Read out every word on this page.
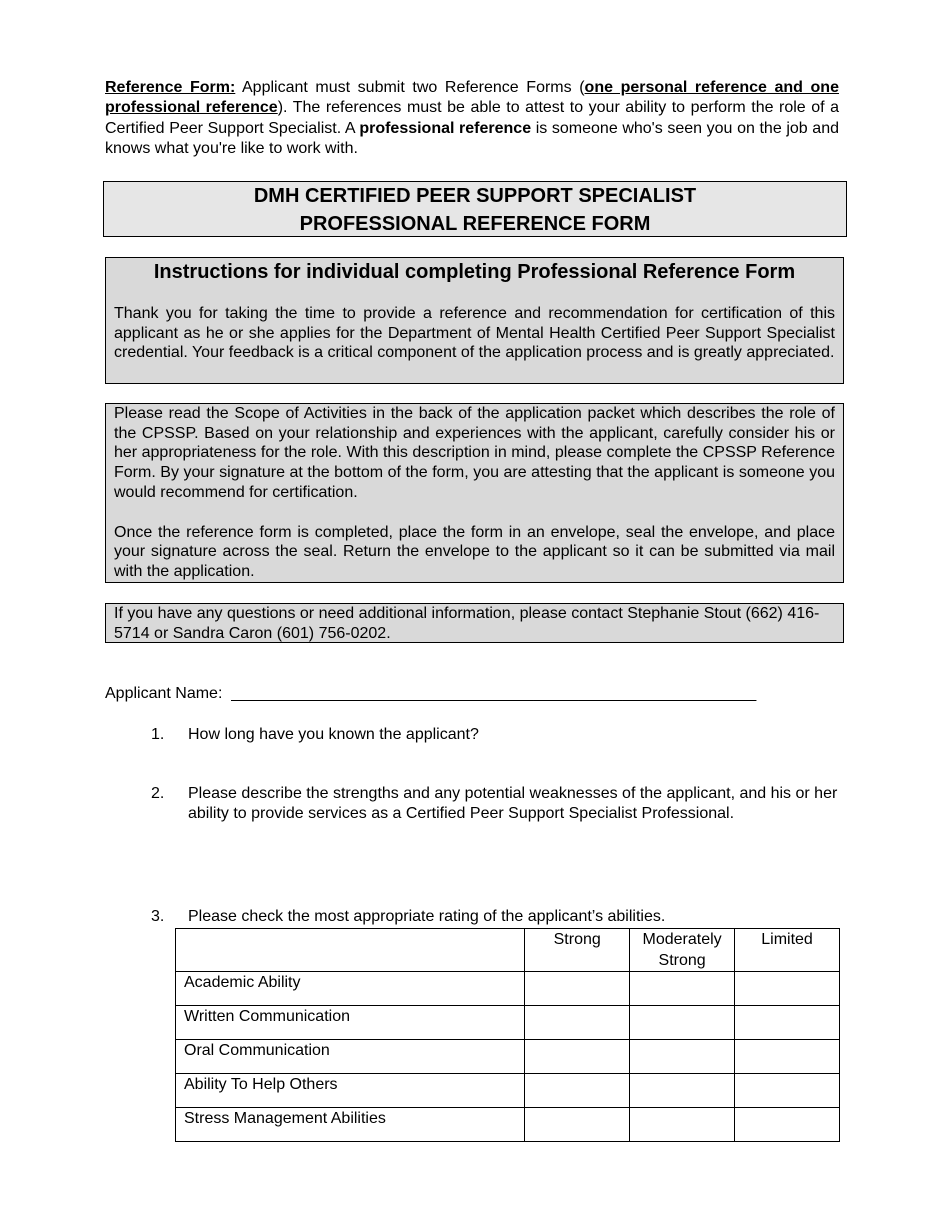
Reference Form: Applicant must submit two Reference Forms (one personal reference and one professional reference). The references must be able to attest to your ability to perform the role of a Certified Peer Support Specialist. A professional reference is someone who's seen you on the job and knows what you're like to work with.
DMH CERTIFIED PEER SUPPORT SPECIALIST
PROFESSIONAL REFERENCE FORM
Instructions for individual completing Professional Reference Form
Thank you for taking the time to provide a reference and recommendation for certification of this applicant as he or she applies for the Department of Mental Health Certified Peer Support Specialist credential. Your feedback is a critical component of the application process and is greatly appreciated.

Please read the Scope of Activities in the back of the application packet which describes the role of the CPSSP. Based on your relationship and experiences with the applicant, carefully consider his or her appropriateness for the role. With this description in mind, please complete the CPSSP Reference Form. By your signature at the bottom of the form, you are attesting that the applicant is someone you would recommend for certification.

Once the reference form is completed, place the form in an envelope, seal the envelope, and place your signature across the seal. Return the envelope to the applicant so it can be submitted via mail with the application.

If you have any questions or need additional information, please contact Stephanie Stout (662) 416-5714 or Sandra Caron (601) 756-0202.
Applicant Name: ___________________________________________________________
1. How long have you known the applicant?
2. Please describe the strengths and any potential weaknesses of the applicant, and his or her ability to provide services as a Certified Peer Support Specialist Professional.
3. Please check the most appropriate rating of the applicant’s abilities.
	Strong	Moderately Strong	Limited
Academic Ability			
Written Communication			
Oral Communication			
Ability To Help Others			
Stress Management Abilities			
